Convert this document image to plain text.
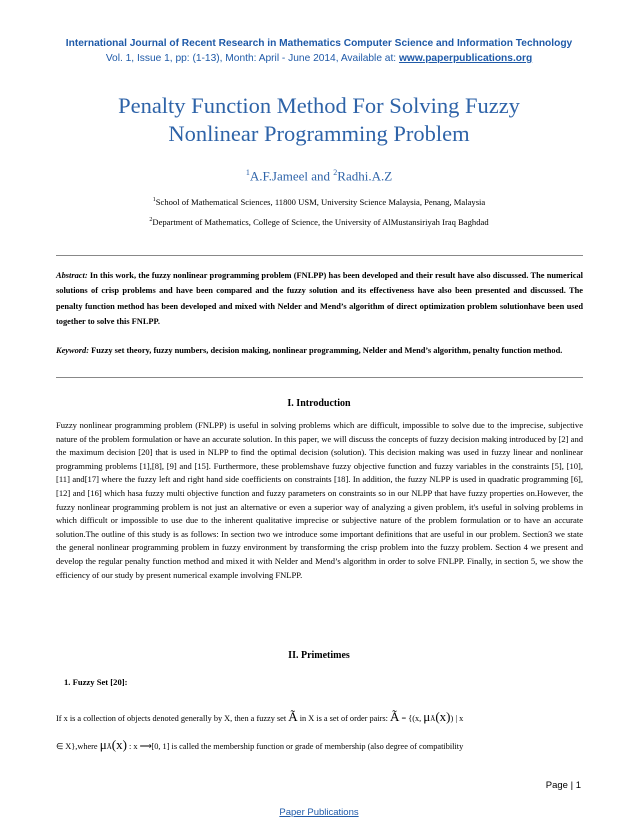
International Journal of Recent Research in Mathematics Computer Science and Information Technology
Vol. 1, Issue 1, pp: (1-13), Month: April - June 2014, Available at: www.paperpublications.org
Penalty Function Method For Solving Fuzzy
Nonlinear Programming Problem
$^1$A.F.Jameel and $^2$Radhi.A.Z
$^1$School of Mathematical Sciences, 11800 USM, University Science Malaysia, Penang, Malaysia
$^2$Department of Mathematics, College of Science, the University of AlMustansiriyah Iraq Baghdad
Abstract: In this work, the fuzzy nonlinear programming problem (FNLPP) has been developed and their result have also discussed. The numerical solutions of crisp problems and have been compared and the fuzzy solution and its effectiveness have also been presented and discussed. The penalty function method has been developed and mixed with Nelder and Mend’s algorithm of direct optimization problem solutionhave been used together to solve this FNLPP.
Keyword: Fuzzy set theory, fuzzy numbers, decision making, nonlinear programming, Nelder and Mend’s algorithm, penalty function method.
I. Introduction
Fuzzy nonlinear programming problem (FNLPP) is useful in solving problems which are difficult, impossible to solve due to the imprecise, subjective nature of the problem formulation or have an accurate solution. In this paper, we will discuss the concepts of fuzzy decision making introduced by [2] and the maximum decision [20] that is used in NLPP to find the optimal decision (solution). This decision making was used in fuzzy linear and nonlinear programming problems [1],[8], [9] and [15]. Furthermore, these problemshave fuzzy objective function and fuzzy variables in the constraints [5], [10], [11] and[17] where the fuzzy left and right hand side coefficients on constraints [18]. In addition, the fuzzy NLPP is used in quadratic programming [6], [12] and [16] which hasa fuzzy multi objective function and fuzzy parameters on constraints so in our NLPP that have fuzzy properties on.However, the fuzzy nonlinear programming problem is not just an alternative or even a superior way of analyzing a given problem, it's useful in solving problems in which difficult or impossible to use due to the inherent qualitative imprecise or subjective nature of the problem formulation or to have an accurate solution.The outline of this study is as follows: In section two we introduce some important definitions that are useful in our problem. Section3 we state the general nonlinear programming problem in fuzzy environment by transforming the crisp problem into the fuzzy problem. Section 4 we present and develop the regular penalty function method and mixed it with Nelder and Mend’s algorithm in order to solve FNLPP. Finally, in section 5, we show the efficiency of our study by present numerical example involving FNLPP.
II. Primetimes
1. Fuzzy Set [20]:
If x is a collection of objects denoted generally by X, then a fuzzy set Ã in X is a set of order pairs: Ã = {(x, μÃ(x)) | x
∈ X},where μÃ(x) : x ⟶[0, 1] is called the membership function or grade of membership (also degree of compatibility
Page | 1
Paper Publications
